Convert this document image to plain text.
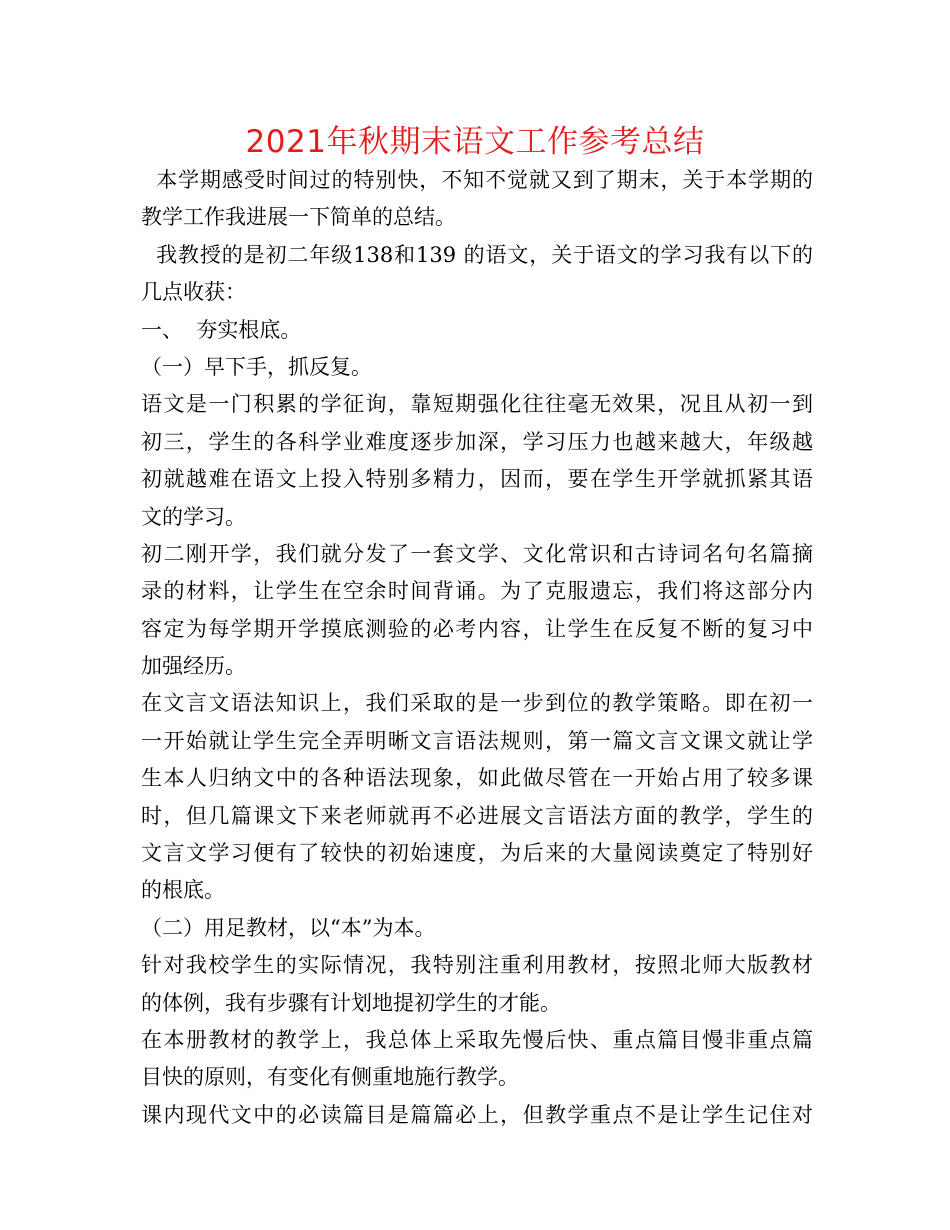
2021年秋期末语文工作参考总结
本学期感受时间过的特别快，不知不觉就又到了期末，关于本学期的
教学工作我进展一下简单的总结。
我教授的是初二年级138和139 的语文，关于语文的学习我有以下的
几点收获：
一、  夯实根底。
（一）早下手，抓反复。
语文是一门积累的学征询，靠短期强化往往毫无效果，况且从初一到
初三，学生的各科学业难度逐步加深，学习压力也越来越大，年级越
初就越难在语文上投入特别多精力，因而，要在学生开学就抓紧其语
文的学习。
初二刚开学，我们就分发了一套文学、文化常识和古诗词名句名篇摘
录的材料，让学生在空余时间背诵。为了克服遗忘，我们将这部分内
容定为每学期开学摸底测验的必考内容，让学生在反复不断的复习中
加强经历。
在文言文语法知识上，我们采取的是一步到位的教学策略。即在初一
一开始就让学生完全弄明晰文言语法规则，第一篇文言文课文就让学
生本人归纳文中的各种语法现象，如此做尽管在一开始占用了较多课
时，但几篇课文下来老师就再不必进展文言语法方面的教学，学生的
文言文学习便有了较快的初始速度，为后来的大量阅读奠定了特别好
的根底。
（二）用足教材，以“本”为本。
针对我校学生的实际情况，我特别注重利用教材，按照北师大版教材
的体例，我有步骤有计划地提初学生的才能。
在本册教材的教学上，我总体上采取先慢后快、重点篇目慢非重点篇
目快的原则，有变化有侧重地施行教学。
课内现代文中的必读篇目是篇篇必上，但教学重点不是让学生记住对
